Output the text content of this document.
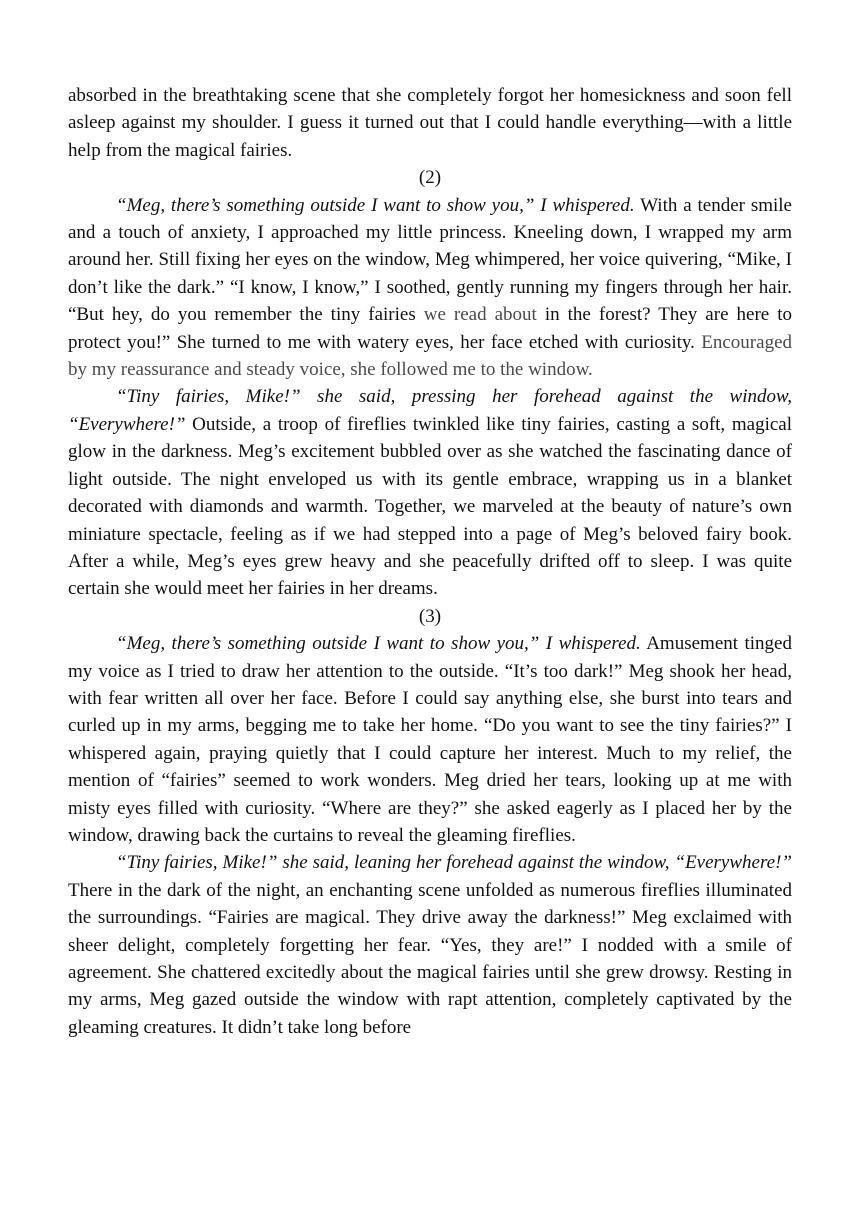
absorbed in the breathtaking scene that she completely forgot her homesickness and soon fell asleep against my shoulder. I guess it turned out that I could handle everything—with a little help from the magical fairies.

(2)

“Meg, there’s something outside I want to show you,” I whispered. With a tender smile and a touch of anxiety, I approached my little princess. Kneeling down, I wrapped my arm around her. Still fixing her eyes on the window, Meg whimpered, her voice quivering, “Mike, I don’t like the dark.” “I know, I know,” I soothed, gently running my fingers through her hair. “But hey, do you remember the tiny fairies we read about in the forest? They are here to protect you!” She turned to me with watery eyes, her face etched with curiosity. Encouraged by my reassurance and steady voice, she followed me to the window.

“Tiny fairies, Mike!” she said, pressing her forehead against the window, “Everywhere!” Outside, a troop of fireflies twinkled like tiny fairies, casting a soft, magical glow in the darkness. Meg’s excitement bubbled over as she watched the fascinating dance of light outside. The night enveloped us with its gentle embrace, wrapping us in a blanket decorated with diamonds and warmth. Together, we marveled at the beauty of nature’s own miniature spectacle, feeling as if we had stepped into a page of Meg’s beloved fairy book. After a while, Meg’s eyes grew heavy and she peacefully drifted off to sleep. I was quite certain she would meet her fairies in her dreams.

(3)

“Meg, there’s something outside I want to show you,” I whispered. Amusement tinged my voice as I tried to draw her attention to the outside. “It’s too dark!” Meg shook her head, with fear written all over her face. Before I could say anything else, she burst into tears and curled up in my arms, begging me to take her home. “Do you want to see the tiny fairies?” I whispered again, praying quietly that I could capture her interest. Much to my relief, the mention of “fairies” seemed to work wonders. Meg dried her tears, looking up at me with misty eyes filled with curiosity. “Where are they?” she asked eagerly as I placed her by the window, drawing back the curtains to reveal the gleaming fireflies.

“Tiny fairies, Mike!” she said, leaning her forehead against the window, “Everywhere!” There in the dark of the night, an enchanting scene unfolded as numerous fireflies illuminated the surroundings. “Fairies are magical. They drive away the darkness!” Meg exclaimed with sheer delight, completely forgetting her fear. “Yes, they are!” I nodded with a smile of agreement. She chattered excitedly about the magical fairies until she grew drowsy. Resting in my arms, Meg gazed outside the window with rapt attention, completely captivated by the gleaming creatures. It didn’t take long before
